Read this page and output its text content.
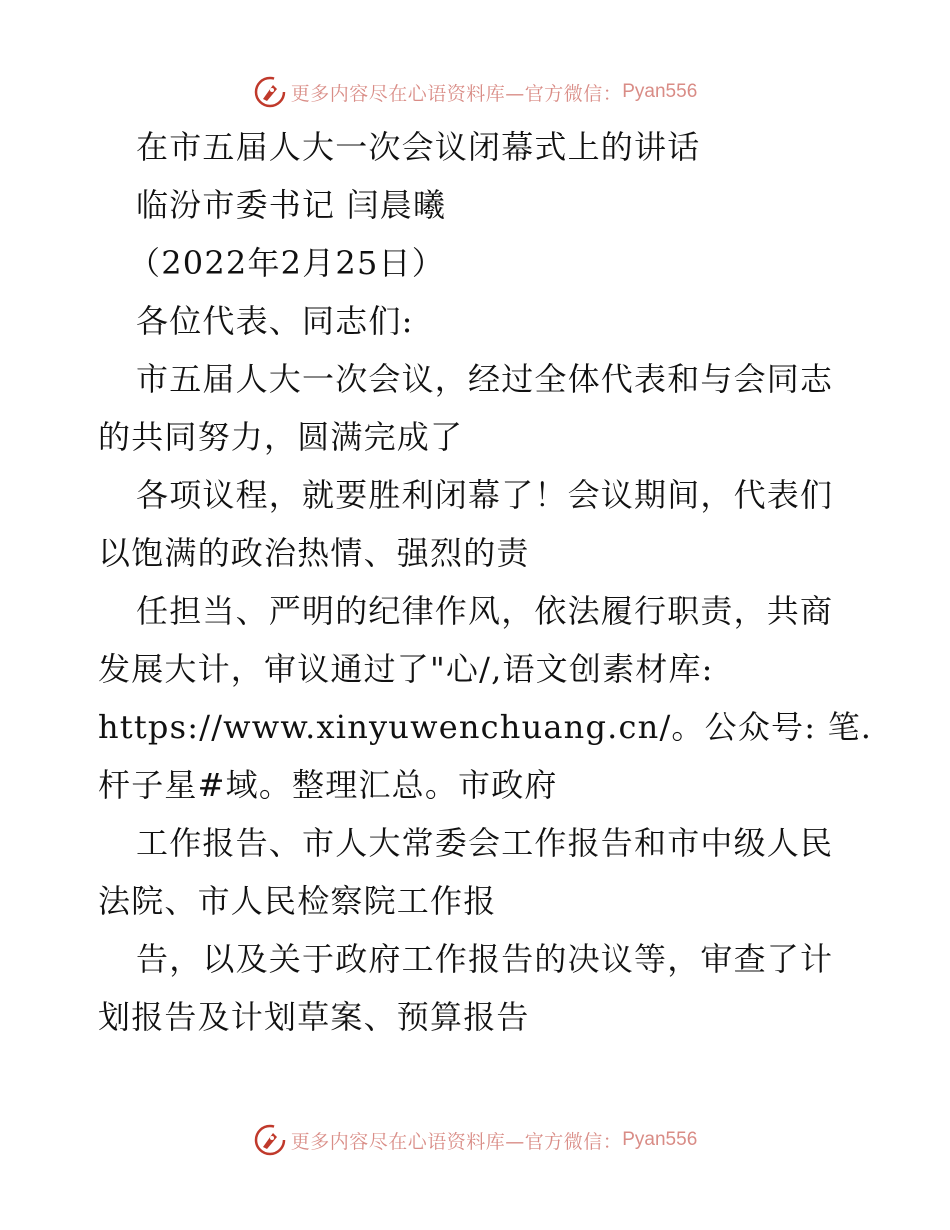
更多内容尽在心语资料库—官方微信： Pyan556
在市五届人大一次会议闭幕式上的讲话
临汾市委书记 闫晨曦
（2022年2月25日）
各位代表、同志们:
市五届人大一次会议，经过全体代表和与会同志
的共同努力，圆满完成了
各项议程，就要胜利闭幕了！会议期间，代表们
以饱满的政治热情、强烈的责
任担当、严明的纪律作风，依法履行职责，共商
发展大计，审议通过了"心/,语文创素材库:
https://www.xinyuwenchuang.cn/。公众号: 笔.
杆子星#域。整理汇总。市政府
工作报告、市人大常委会工作报告和市中级人民
法院、市人民检察院工作报
告，以及关于政府工作报告的决议等，审查了计
划报告及计划草案、预算报告
更多内容尽在心语资料库—官方微信： Pyan556
